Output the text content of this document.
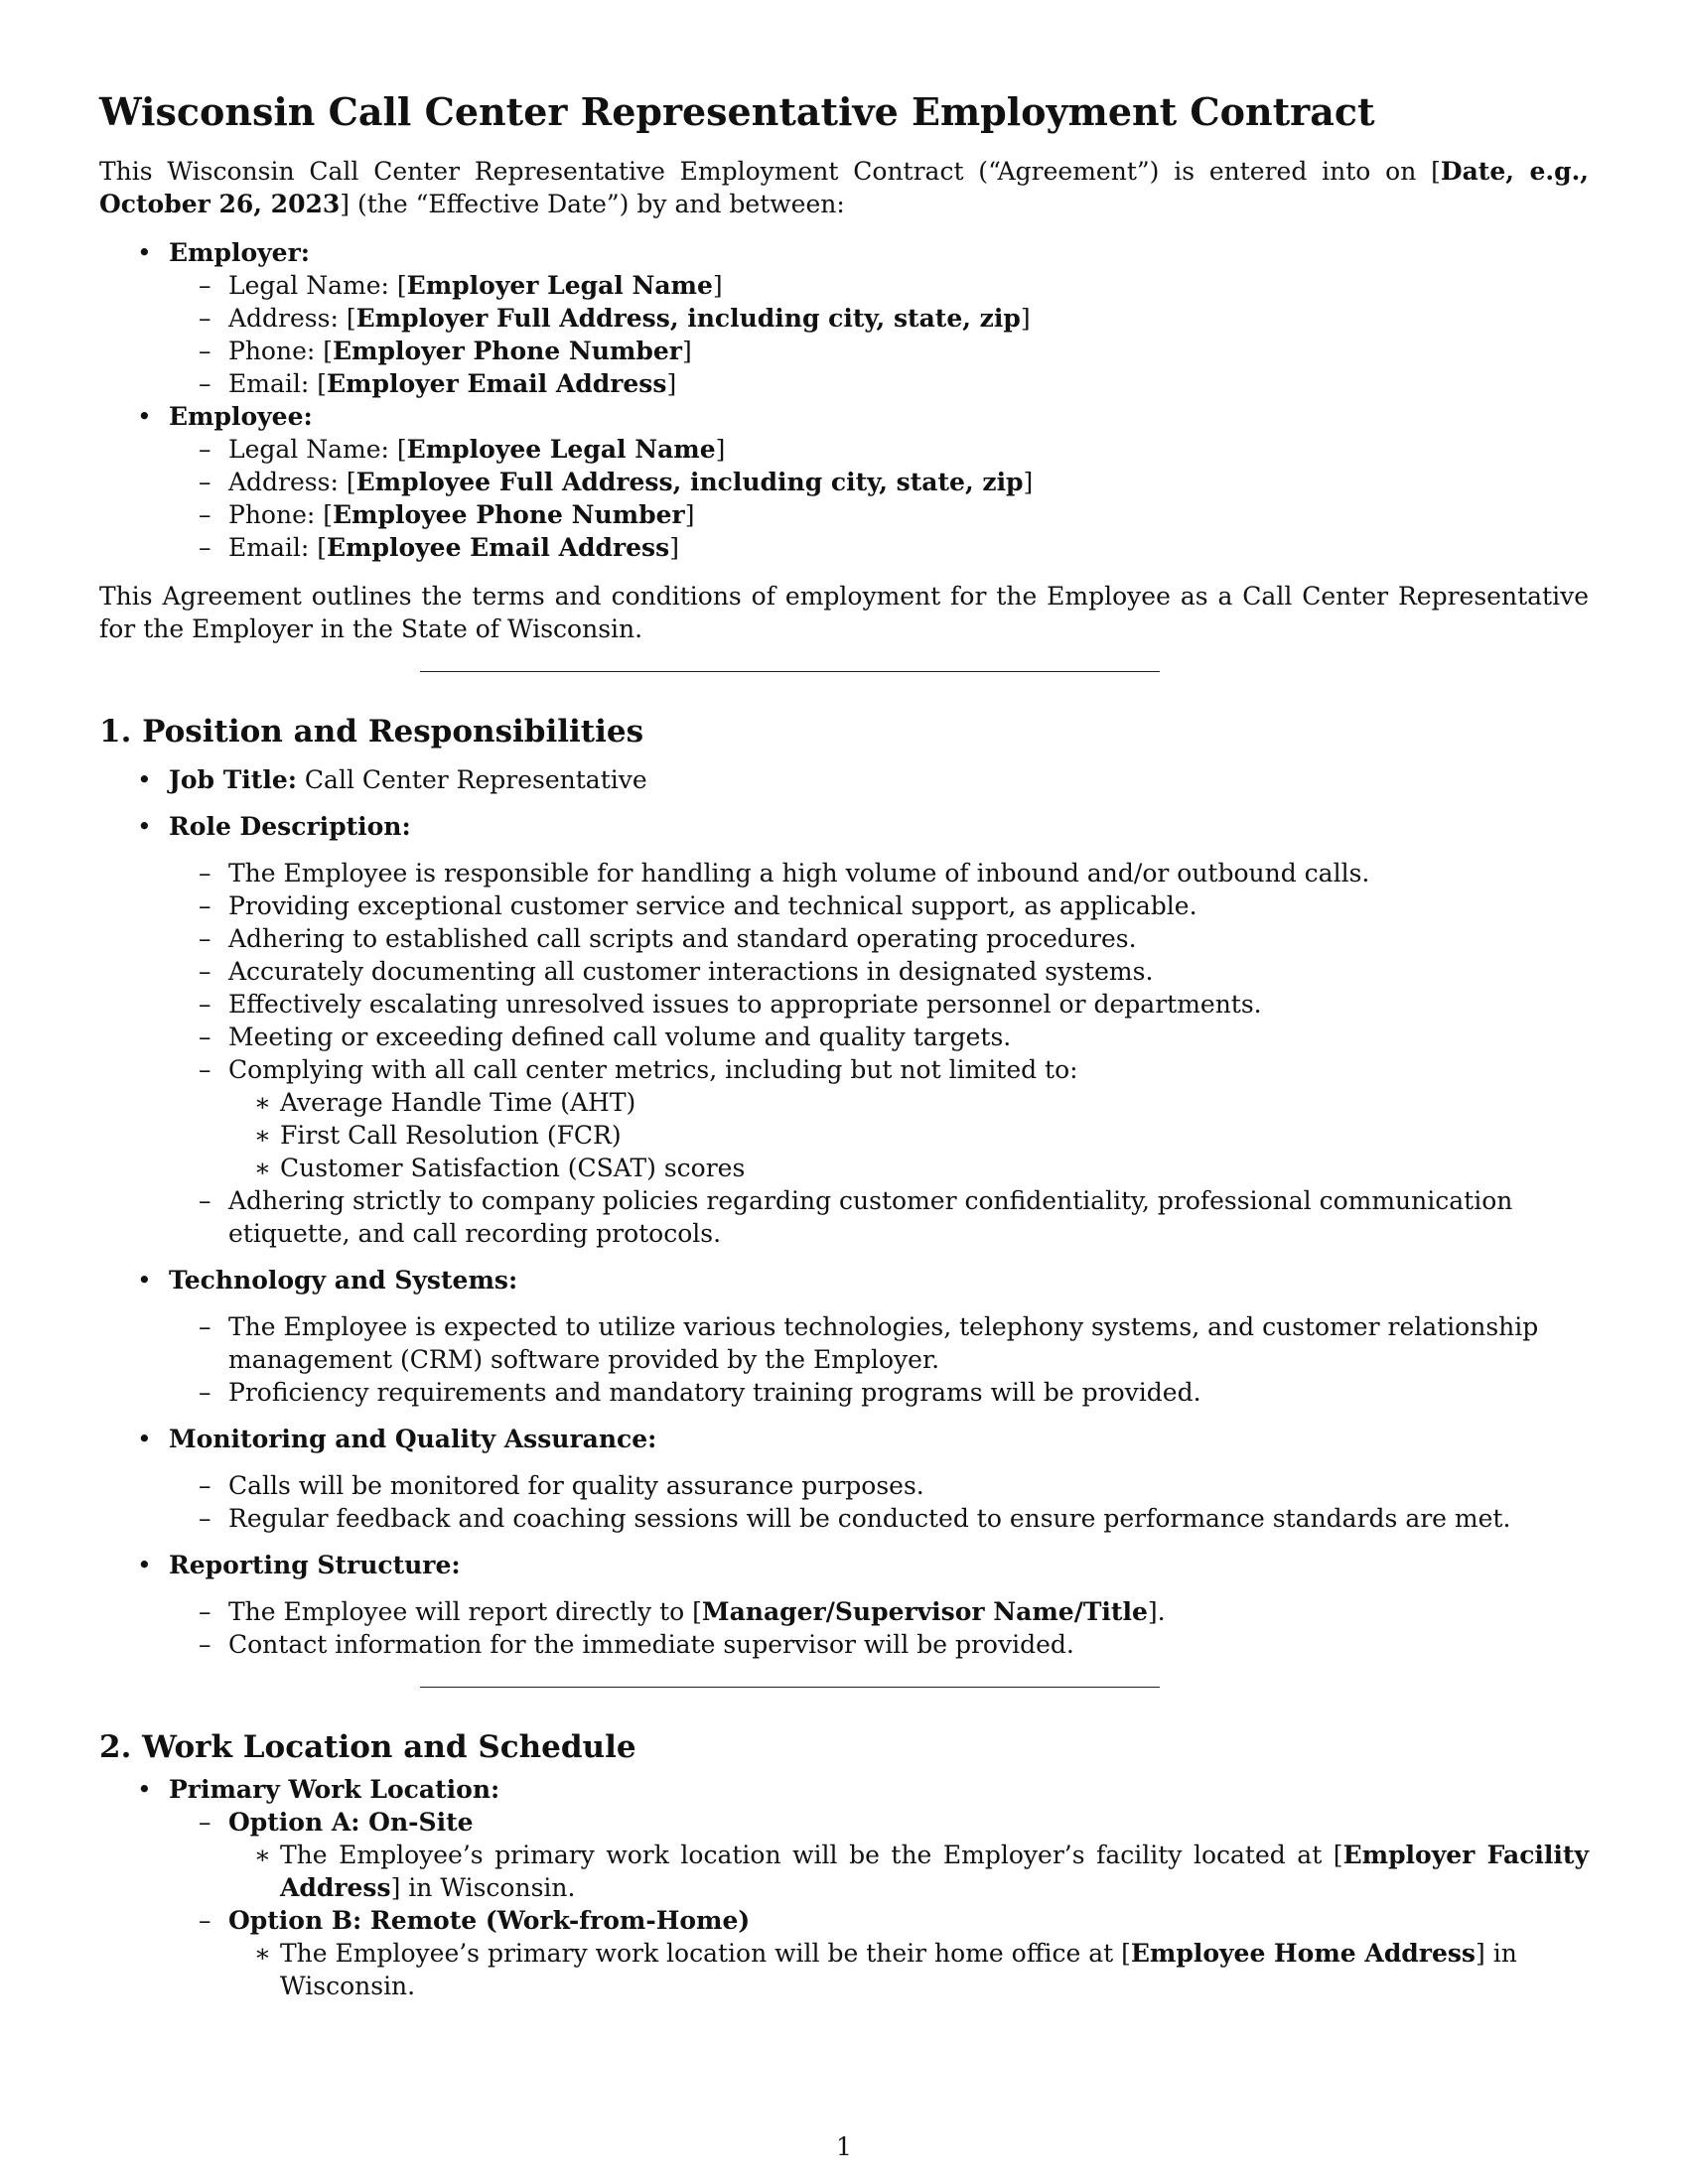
Wisconsin Call Center Representative Employment Contract

This Wisconsin Call Center Representative Employment Contract (“Agreement”) is entered into on [Date, e.g., October 26, 2023] (the “Effective Date”) by and between:

• Employer:
– Legal Name: [Employer Legal Name]
– Address: [Employer Full Address, including city, state, zip]
– Phone: [Employer Phone Number]
– Email: [Employer Email Address]
• Employee:
– Legal Name: [Employee Legal Name]
– Address: [Employee Full Address, including city, state, zip]
– Phone: [Employee Phone Number]
– Email: [Employee Email Address]

This Agreement outlines the terms and conditions of employment for the Employee as a Call Center Representative for the Employer in the State of Wisconsin.

1. Position and Responsibilities
• Job Title: Call Center Representative
• Role Description:
– The Employee is responsible for handling a high volume of inbound and/or outbound calls.
– Providing exceptional customer service and technical support, as applicable.
– Adhering to established call scripts and standard operating procedures.
– Accurately documenting all customer interactions in designated systems.
– Effectively escalating unresolved issues to appropriate personnel or departments.
– Meeting or exceeding defined call volume and quality targets.
– Complying with all call center metrics, including but not limited to:
∗ Average Handle Time (AHT)
∗ First Call Resolution (FCR)
∗ Customer Satisfaction (CSAT) scores
– Adhering strictly to company policies regarding customer confidentiality, professional communication etiquette, and call recording protocols.
• Technology and Systems:
– The Employee is expected to utilize various technologies, telephony systems, and customer relationship management (CRM) software provided by the Employer.
– Proficiency requirements and mandatory training programs will be provided.
• Monitoring and Quality Assurance:
– Calls will be monitored for quality assurance purposes.
– Regular feedback and coaching sessions will be conducted to ensure performance standards are met.
• Reporting Structure:
– The Employee will report directly to [Manager/Supervisor Name/Title].
– Contact information for the immediate supervisor will be provided.
2. Work Location and Schedule
• Primary Work Location:
– Option A: On-Site
∗ The Employee’s primary work location will be the Employer’s facility located at [Employer Facility Address] in Wisconsin.
– Option B: Remote (Work-from-Home)
∗ The Employee’s primary work location will be their home office at [Employee Home Address] in Wisconsin.
1
